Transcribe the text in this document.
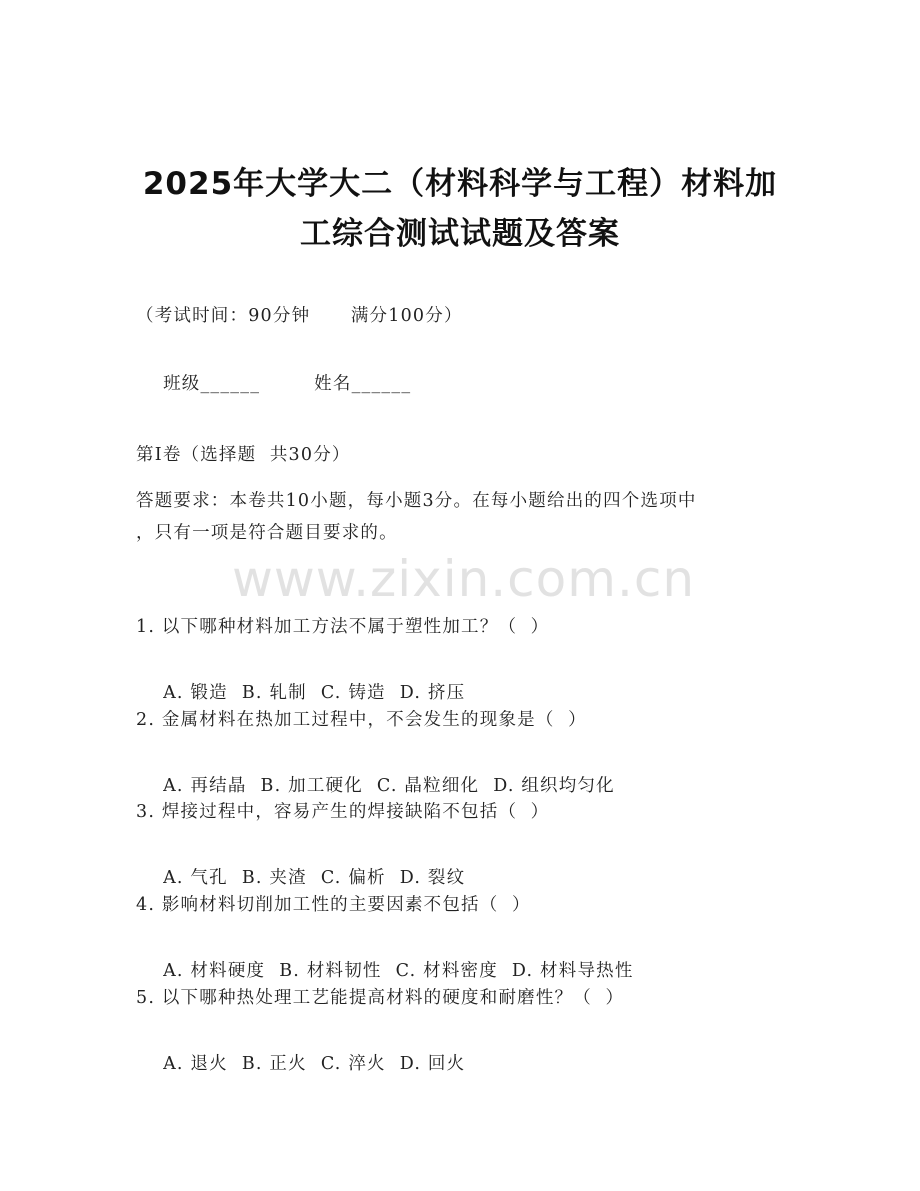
2025年大学大二（材料科学与工程）材料加
工综合测试试题及答案
（考试时间：90分钟      满分100分）

班级______	姓名______

第I卷（选择题  共30分）
答题要求：本卷共10小题，每小题3分。在每小题给出的四个选项中
，只有一项是符合题目要求的。
www.zixin.com.cn
1. 以下哪种材料加工方法不属于塑性加工？（  ）

A. 锻造 B. 轧制 C. 铸造 D. 挤压

2. 金属材料在热加工过程中，不会发生的现象是（  ）

A. 再结晶 B. 加工硬化 C. 晶粒细化 D. 组织均匀化

3. 焊接过程中，容易产生的焊接缺陷不包括（  ）

A. 气孔 B. 夹渣 C. 偏析 D. 裂纹

4. 影响材料切削加工性的主要因素不包括（  ）

A. 材料硬度 B. 材料韧性 C. 材料密度 D. 材料导热性

5. 以下哪种热处理工艺能提高材料的硬度和耐磨性？（  ）

A. 退火 B. 正火 C. 淬火 D. 回火
